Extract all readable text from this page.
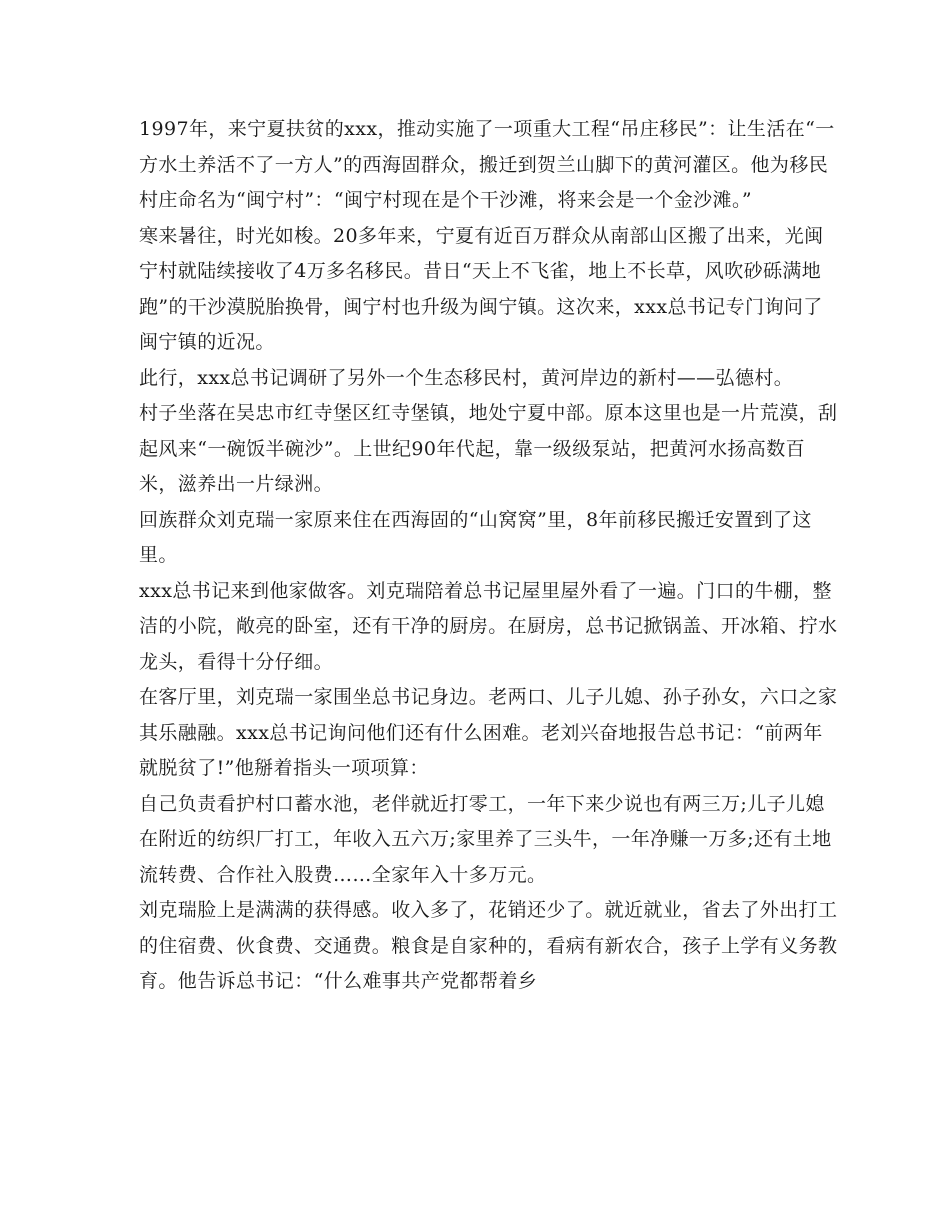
1997年，来宁夏扶贫的xxx，推动实施了一项重大工程“吊庄移民”：让生活在“一方水土养活不了一方人”的西海固群众，搬迁到贺兰山脚下的黄河灌区。他为移民村庄命名为“闽宁村”：“闽宁村现在是个干沙滩，将来会是一个金沙滩。”

寒来暑往，时光如梭。20多年来，宁夏有近百万群众从南部山区搬了出来，光闽宁村就陆续接收了4万多名移民。昔日“天上不飞雀，地上不长草，风吹砂砾满地跑”的干沙漠脱胎换骨，闽宁村也升级为闽宁镇。这次来，xxx总书记专门询问了闽宁镇的近况。

此行，xxx总书记调研了另外一个生态移民村，黄河岸边的新村——弘德村。

村子坐落在吴忠市红寺堡区红寺堡镇，地处宁夏中部。原本这里也是一片荒漠，刮起风来“一碗饭半碗沙”。上世纪90年代起，靠一级级泵站，把黄河水扬高数百米，滋养出一片绿洲。

回族群众刘克瑞一家原来住在西海固的“山窝窝”里，8年前移民搬迁安置到了这里。

xxx总书记来到他家做客。刘克瑞陪着总书记屋里屋外看了一遍。门口的牛棚，整洁的小院，敞亮的卧室，还有干净的厨房。在厨房，总书记掀锅盖、开冰箱、拧水龙头，看得十分仔细。

在客厅里，刘克瑞一家围坐总书记身边。老两口、儿子儿媳、孙子孙女，六口之家其乐融融。xxx总书记询问他们还有什么困难。老刘兴奋地报告总书记：“前两年就脱贫了!”他掰着指头一项项算：

自己负责看护村口蓄水池，老伴就近打零工，一年下来少说也有两三万;儿子儿媳在附近的纺织厂打工，年收入五六万;家里养了三头牛，一年净赚一万多;还有土地流转费、合作社入股费……全家年入十多万元。

刘克瑞脸上是满满的获得感。收入多了，花销还少了。就近就业，省去了外出打工的住宿费、伙食费、交通费。粮食是自家种的，看病有新农合，孩子上学有义务教育。他告诉总书记：“什么难事共产党都帮着乡
